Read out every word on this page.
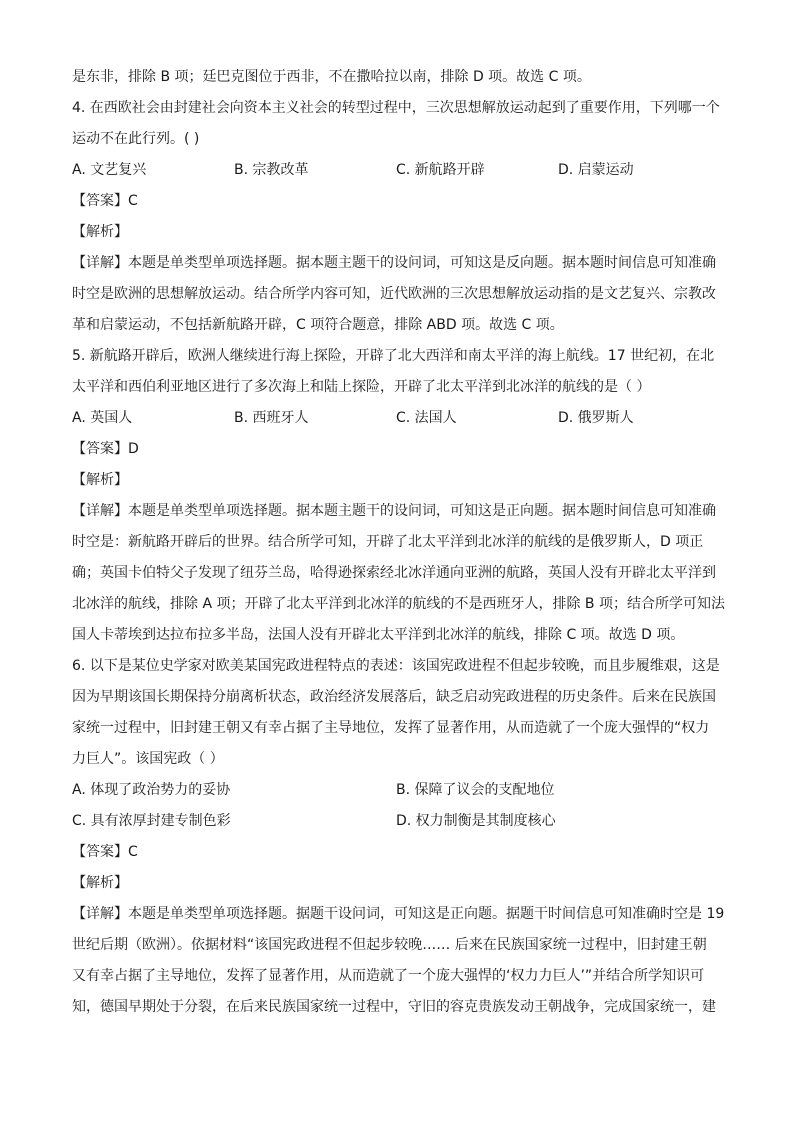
是东非，排除 B 项；廷巴克图位于西非，不在撒哈拉以南，排除 D 项。故选 C 项。
4. 在西欧社会由封建社会向资本主义社会的转型过程中，三次思想解放运动起到了重要作用，下列哪一个
运动不在此行列。( )
A. 文艺复兴	B. 宗教改革	C. 新航路开辟	D. 启蒙运动
【答案】C
【解析】
【详解】本题是单类型单项选择题。据本题主题干的设问词，可知这是反向题。据本题时间信息可知准确
时空是欧洲的思想解放运动。结合所学内容可知，近代欧洲的三次思想解放运动指的是文艺复兴、宗教改
革和启蒙运动，不包括新航路开辟，C 项符合题意，排除 ABD 项。故选 C 项。
5. 新航路开辟后，欧洲人继续进行海上探险，开辟了北大西洋和南太平洋的海上航线。17 世纪初，在北
太平洋和西伯利亚地区进行了多次海上和陆上探险，开辟了北太平洋到北冰洋的航线的是（ ）
A. 英国人	B. 西班牙人	C. 法国人	D. 俄罗斯人
【答案】D
【解析】
【详解】本题是单类型单项选择题。据本题主题干的设问词，可知这是正向题。据本题时间信息可知准确
时空是：新航路开辟后的世界。结合所学可知，开辟了北太平洋到北冰洋的航线的是俄罗斯人，D 项正
确；英国卡伯特父子发现了纽芬兰岛，哈得逊探索经北冰洋通向亚洲的航路，英国人没有开辟北太平洋到
北冰洋的航线，排除 A 项；开辟了北太平洋到北冰洋的航线的不是西班牙人，排除 B 项；结合所学可知法
国人卡蒂埃到达拉布拉多半岛，法国人没有开辟北太平洋到北冰洋的航线，排除 C 项。故选 D 项。
6. 以下是某位史学家对欧美某国宪政进程特点的表述：该国宪政进程不但起步较晚，而且步履维艰，这是
因为早期该国长期保持分崩离析状态，政治经济发展落后，缺乏启动宪政进程的历史条件。后来在民族国
家统一过程中，旧封建王朝又有幸占据了主导地位，发挥了显著作用，从而造就了一个庞大强悍的“权力
力巨人”。该国宪政（ ）
A. 体现了政治势力的妥协	B. 保障了议会的支配地位
C. 具有浓厚封建专制色彩	D. 权力制衡是其制度核心
【答案】C
【解析】
【详解】本题是单类型单项选择题。据题干设问词，可知这是正向题。据题干时间信息可知准确时空是 19
世纪后期（欧洲）。依据材料“该国宪政进程不但起步较晚…… 后来在民族国家统一过程中，旧封建王朝
又有幸占据了主导地位，发挥了显著作用，从而造就了一个庞大强悍的‘权力力巨人’”并结合所学知识可
知，德国早期处于分裂，在后来民族国家统一过程中，守旧的容克贵族发动王朝战争，完成国家统一，建
